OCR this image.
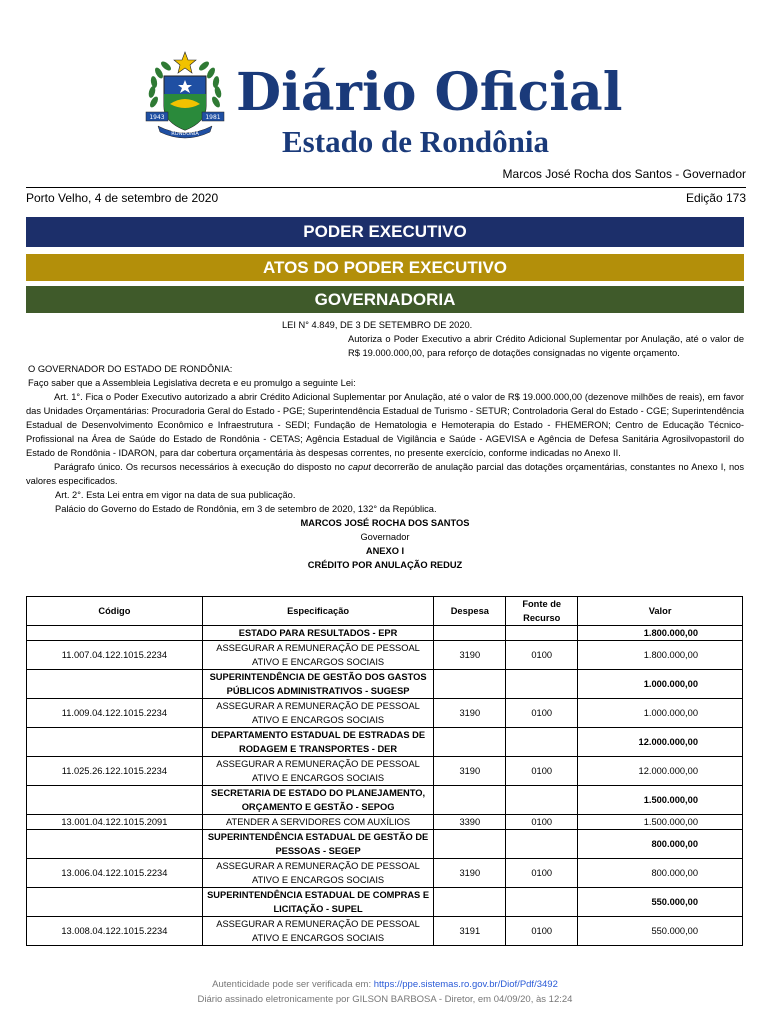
1943	1981
RONDÔNIA
Diário Oficial
Estado de Rondônia
Marcos José Rocha dos Santos - Governador
Porto Velho, 4 de setembro de 2020	Edição 173
PODER EXECUTIVO
ATOS DO PODER EXECUTIVO
GOVERNADORIA
LEI N° 4.849, DE 3 DE SETEMBRO DE 2020.
Autoriza o Poder Executivo a abrir Crédito Adicional Suplementar por Anulação, até o valor de R$ 19.000.000,00, para reforço de dotações consignadas no vigente orçamento.
O GOVERNADOR DO ESTADO DE RONDÔNIA:
Faço saber que a Assembleia Legislativa decreta e eu promulgo a seguinte Lei:
Art. 1°. Fica o Poder Executivo autorizado a abrir Crédito Adicional Suplementar por Anulação, até o valor de R$ 19.000.000,00 (dezenove milhões de reais), em favor das Unidades Orçamentárias: Procuradoria Geral do Estado - PGE; Superintendência Estadual de Turismo - SETUR; Controladoria Geral do Estado - CGE; Superintendência Estadual de Desenvolvimento Econômico e Infraestrutura - SEDI; Fundação de Hematologia e Hemoterapia do Estado - FHEMERON; Centro de Educação Técnico-Profissional na Área de Saúde do Estado de Rondônia - CETAS; Agência Estadual de Vigilância e Saúde - AGEVISA e Agência de Defesa Sanitária Agrosilvopastoril do Estado de Rondônia - IDARON, para dar cobertura orçamentária às despesas correntes, no presente exercício, conforme indicadas no Anexo II.
Parágrafo único. Os recursos necessários à execução do disposto no caput decorrerão de anulação parcial das dotações orçamentárias, constantes no Anexo I, nos valores especificados.
Art. 2°. Esta Lei entra em vigor na data de sua publicação.
Palácio do Governo do Estado de Rondônia, em 3 de setembro de 2020, 132° da República.
MARCOS JOSÉ ROCHA DOS SANTOS
Governador
ANEXO I
CRÉDITO POR ANULAÇÃO REDUZ
Código	Especificação	Despesa	Fonte de Recurso	Valor
	ESTADO PARA RESULTADOS - EPR			1.800.000,00
11.007.04.122.1015.2234	ASSEGURAR A REMUNERAÇÃO DE PESSOAL ATIVO E ENCARGOS SOCIAIS	3190	0100	1.800.000,00
	SUPERINTENDÊNCIA DE GESTÃO DOS GASTOS PÚBLICOS ADMINISTRATIVOS - SUGESP			1.000.000,00
11.009.04.122.1015.2234	ASSEGURAR A REMUNERAÇÃO DE PESSOAL ATIVO E ENCARGOS SOCIAIS	3190	0100	1.000.000,00
	DEPARTAMENTO ESTADUAL DE ESTRADAS DE RODAGEM E TRANSPORTES - DER			12.000.000,00
11.025.26.122.1015.2234	ASSEGURAR A REMUNERAÇÃO DE PESSOAL ATIVO E ENCARGOS SOCIAIS	3190	0100	12.000.000,00
	SECRETARIA DE ESTADO DO PLANEJAMENTO, ORÇAMENTO E GESTÃO - SEPOG			1.500.000,00
13.001.04.122.1015.2091	ATENDER A SERVIDORES COM AUXÍLIOS	3390	0100	1.500.000,00
	SUPERINTENDÊNCIA ESTADUAL DE GESTÃO DE PESSOAS - SEGEP			800.000,00
13.006.04.122.1015.2234	ASSEGURAR A REMUNERAÇÃO DE PESSOAL ATIVO E ENCARGOS SOCIAIS	3190	0100	800.000,00
	SUPERINTENDÊNCIA ESTADUAL DE COMPRAS E LICITAÇÃO - SUPEL			550.000,00
13.008.04.122.1015.2234	ASSEGURAR A REMUNERAÇÃO DE PESSOAL ATIVO E ENCARGOS SOCIAIS	3191	0100	550.000,00
Autenticidade pode ser verificada em: https://ppe.sistemas.ro.gov.br/Diof/Pdf/3492
Diário assinado eletronicamente por GILSON BARBOSA - Diretor, em 04/09/20, às 12:24
